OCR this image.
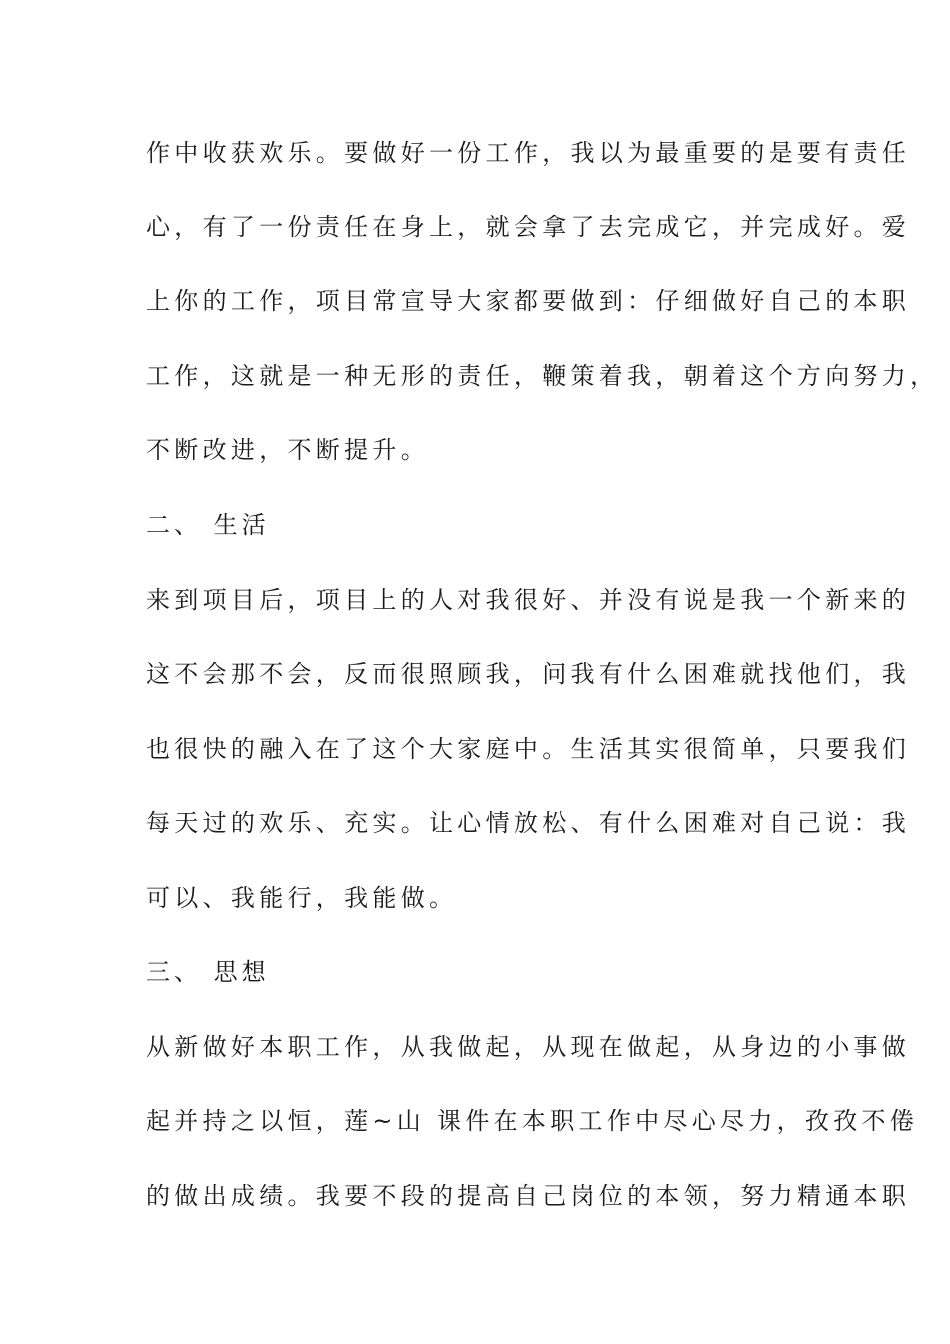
作中收获欢乐。要做好一份工作，我以为最重要的是要有责任
心，有了一份责任在身上，就会拿了去完成它，并完成好。爱
上你的工作，项目常宣导大家都要做到：仔细做好自己的本职
工作，这就是一种无形的责任，鞭策着我，朝着这个方向努力，
不断改进，不断提升。
二、 生活
来到项目后，项目上的人对我很好、并没有说是我一个新来的
这不会那不会，反而很照顾我，问我有什么困难就找他们，我
也很快的融入在了这个大家庭中。生活其实很简单，只要我们
每天过的欢乐、充实。让心情放松、有什么困难对自己说：我
可以、我能行，我能做。
三、 思想
从新做好本职工作，从我做起，从现在做起，从身边的小事做
起并持之以恒，莲~山 课件在本职工作中尽心尽力，孜孜不倦
的做出成绩。我要不段的提高自己岗位的本领，努力精通本职
